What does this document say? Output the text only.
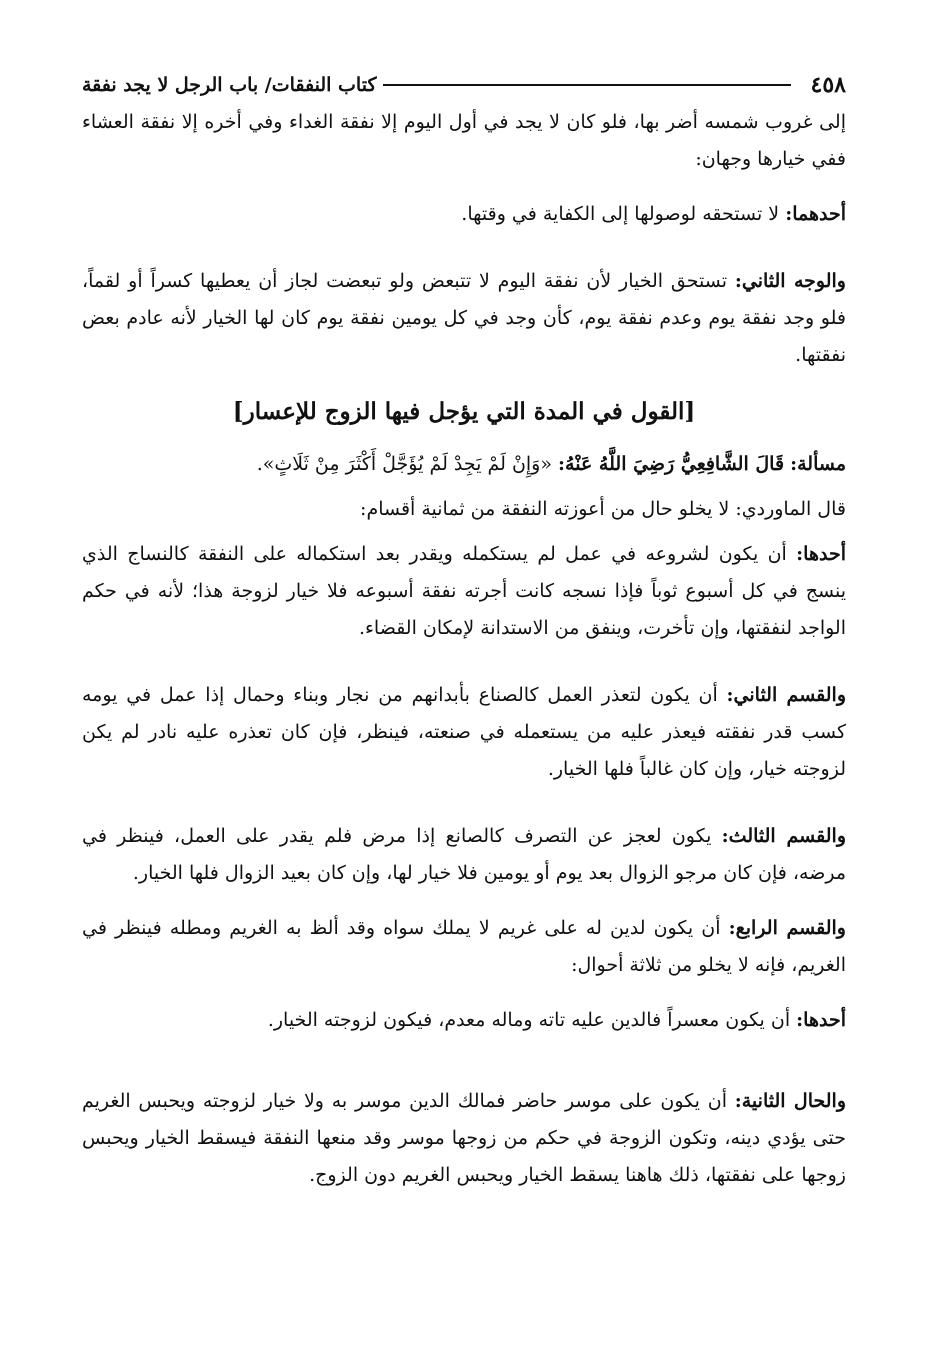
٤٥٨
كتاب النفقات/ باب الرجل لا يجد نفقة

إلى غروب شمسه أضر بها، فلو كان لا يجد في أول اليوم إلا نفقة الغداء وفي أخره إلا نفقة العشاء ففي خيارها وجهان:

أحدهما: لا تستحقه لوصولها إلى الكفاية في وقتها.

والوجه الثاني: تستحق الخيار لأن نفقة اليوم لا تتبعض ولو تبعضت لجاز أن يعطيها كسراً أو لقماً، فلو وجد نفقة يوم وعدم نفقة يوم، كأن وجد في كل يومين نفقة يوم كان لها الخيار لأنه عادم بعض نفقتها.

[القول في المدة التي يؤجل فيها الزوج للإعسار]

مسألة: قَالَ الشَّافِعِيُّ رَضِيَ اللَّهُ عَنْهُ: «وَإِنْ لَمْ يَجِدْ لَمْ يُؤَجَّلْ أَكْثَرَ مِنْ ثَلَاثٍ».

قال الماوردي: لا يخلو حال من أعوزته النفقة من ثمانية أقسام:

أحدها: أن يكون لشروعه في عمل لم يستكمله ويقدر بعد استكماله على النفقة كالنساج الذي ينسج في كل أسبوع ثوباً فإذا نسجه كانت أجرته نفقة أسبوعه فلا خيار لزوجة هذا؛ لأنه في حكم الواجد لنفقتها، وإن تأخرت، وينفق من الاستدانة لإمكان القضاء.

والقسم الثاني: أن يكون لتعذر العمل كالصناع بأبدانهم من نجار وبناء وحمال إذا عمل في يومه كسب قدر نفقته فيعذر عليه من يستعمله في صنعته، فينظر، فإن كان تعذره عليه نادر لم يكن لزوجته خيار، وإن كان غالباً فلها الخيار.

والقسم الثالث: يكون لعجز عن التصرف كالصانع إذا مرض فلم يقدر على العمل، فينظر في مرضه، فإن كان مرجو الزوال بعد يوم أو يومين فلا خيار لها، وإن كان بعيد الزوال فلها الخيار.

والقسم الرابع: أن يكون لدين له على غريم لا يملك سواه وقد ألظ به الغريم ومطله فينظر في الغريم، فإنه لا يخلو من ثلاثة أحوال:

أحدها: أن يكون معسراً فالدين عليه تاته وماله معدم، فيكون لزوجته الخيار.

والحال الثانية: أن يكون على موسر حاضر فمالك الدين موسر به ولا خيار لزوجته ويحبس الغريم حتى يؤدي دينه، وتكون الزوجة في حكم من زوجها موسر وقد منعها النفقة فيسقط الخيار ويحبس زوجها على نفقتها، ذلك هاهنا يسقط الخيار ويحبس الغريم دون الزوج.
